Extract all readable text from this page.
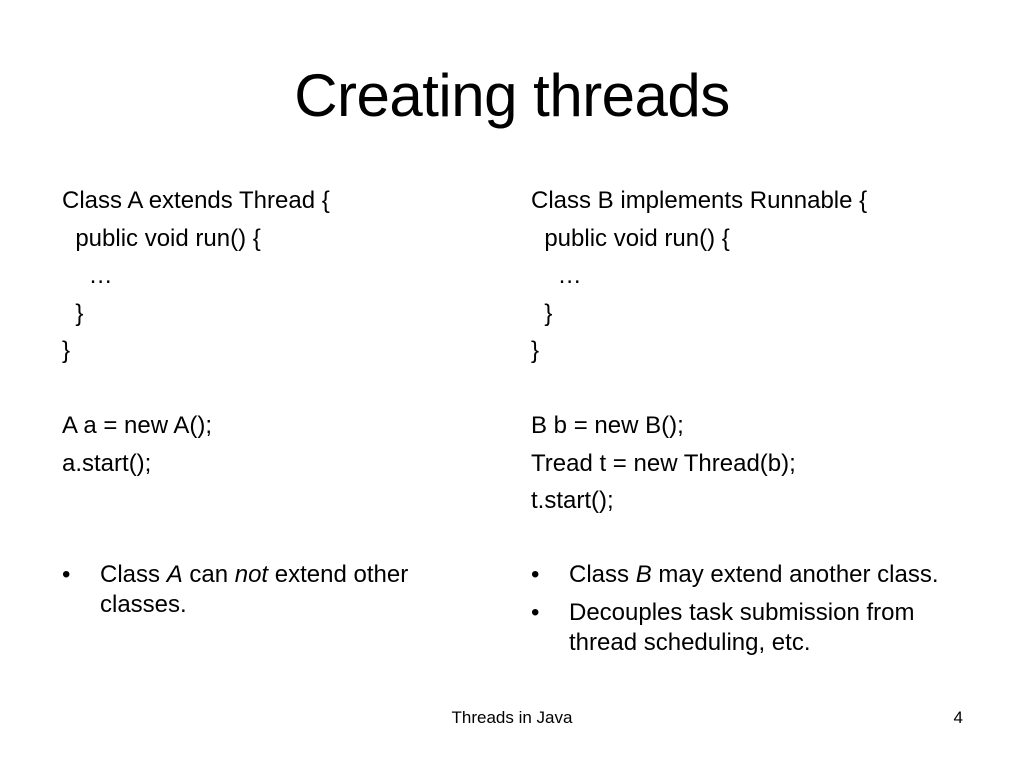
Creating threads
Class A extends Thread {
public void run() {
…
}
}
A a = new A();
a.start();
Class B implements Runnable {
public void run() {
…
}
}
B b = new B();
Tread t = new Thread(b);
t.start();
• Class A can not extend other classes.
• Class B may extend another class.
• Decouples task submission from thread scheduling, etc.
Threads in Java	4
